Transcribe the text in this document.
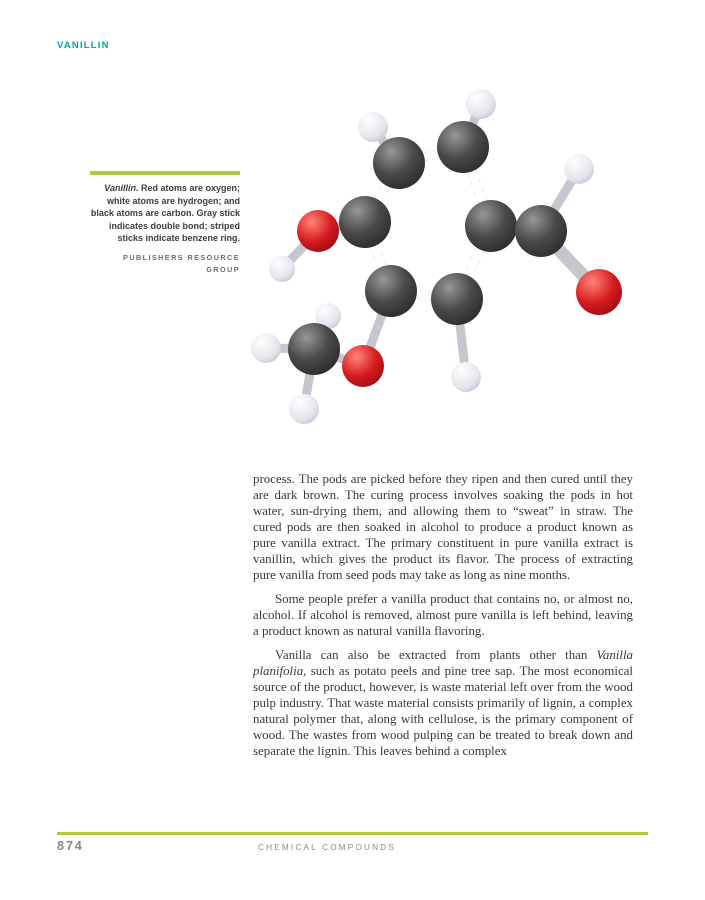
VANILLIN
Vanillin. Red atoms are oxygen; white atoms are hydrogen; and black atoms are carbon. Gray stick indicates double bond; striped sticks indicate benzene ring.
PUBLISHERS RESOURCE GROUP

process. The pods are picked before they ripen and then cured until they are dark brown. The curing process involves soaking the pods in hot water, sun-drying them, and allowing them to “sweat” in straw. The cured pods are then soaked in alcohol to produce a product known as pure vanilla extract. The primary constituent in pure vanilla extract is vanillin, which gives the product its flavor. The process of extracting pure vanilla from seed pods may take as long as nine months.

Some people prefer a vanilla product that contains no, or almost no, alcohol. If alcohol is removed, almost pure vanilla is left behind, leaving a product known as natural vanilla flavoring.

Vanilla can also be extracted from plants other than Vanilla planifolia, such as potato peels and pine tree sap. The most economical source of the product, however, is waste material left over from the wood pulp industry. That waste material consists primarily of lignin, a complex natural polymer that, along with cellulose, is the primary component of wood. The wastes from wood pulping can be treated to break down and separate the lignin. This leaves behind a complex

874	CHEMICAL COMPOUNDS
